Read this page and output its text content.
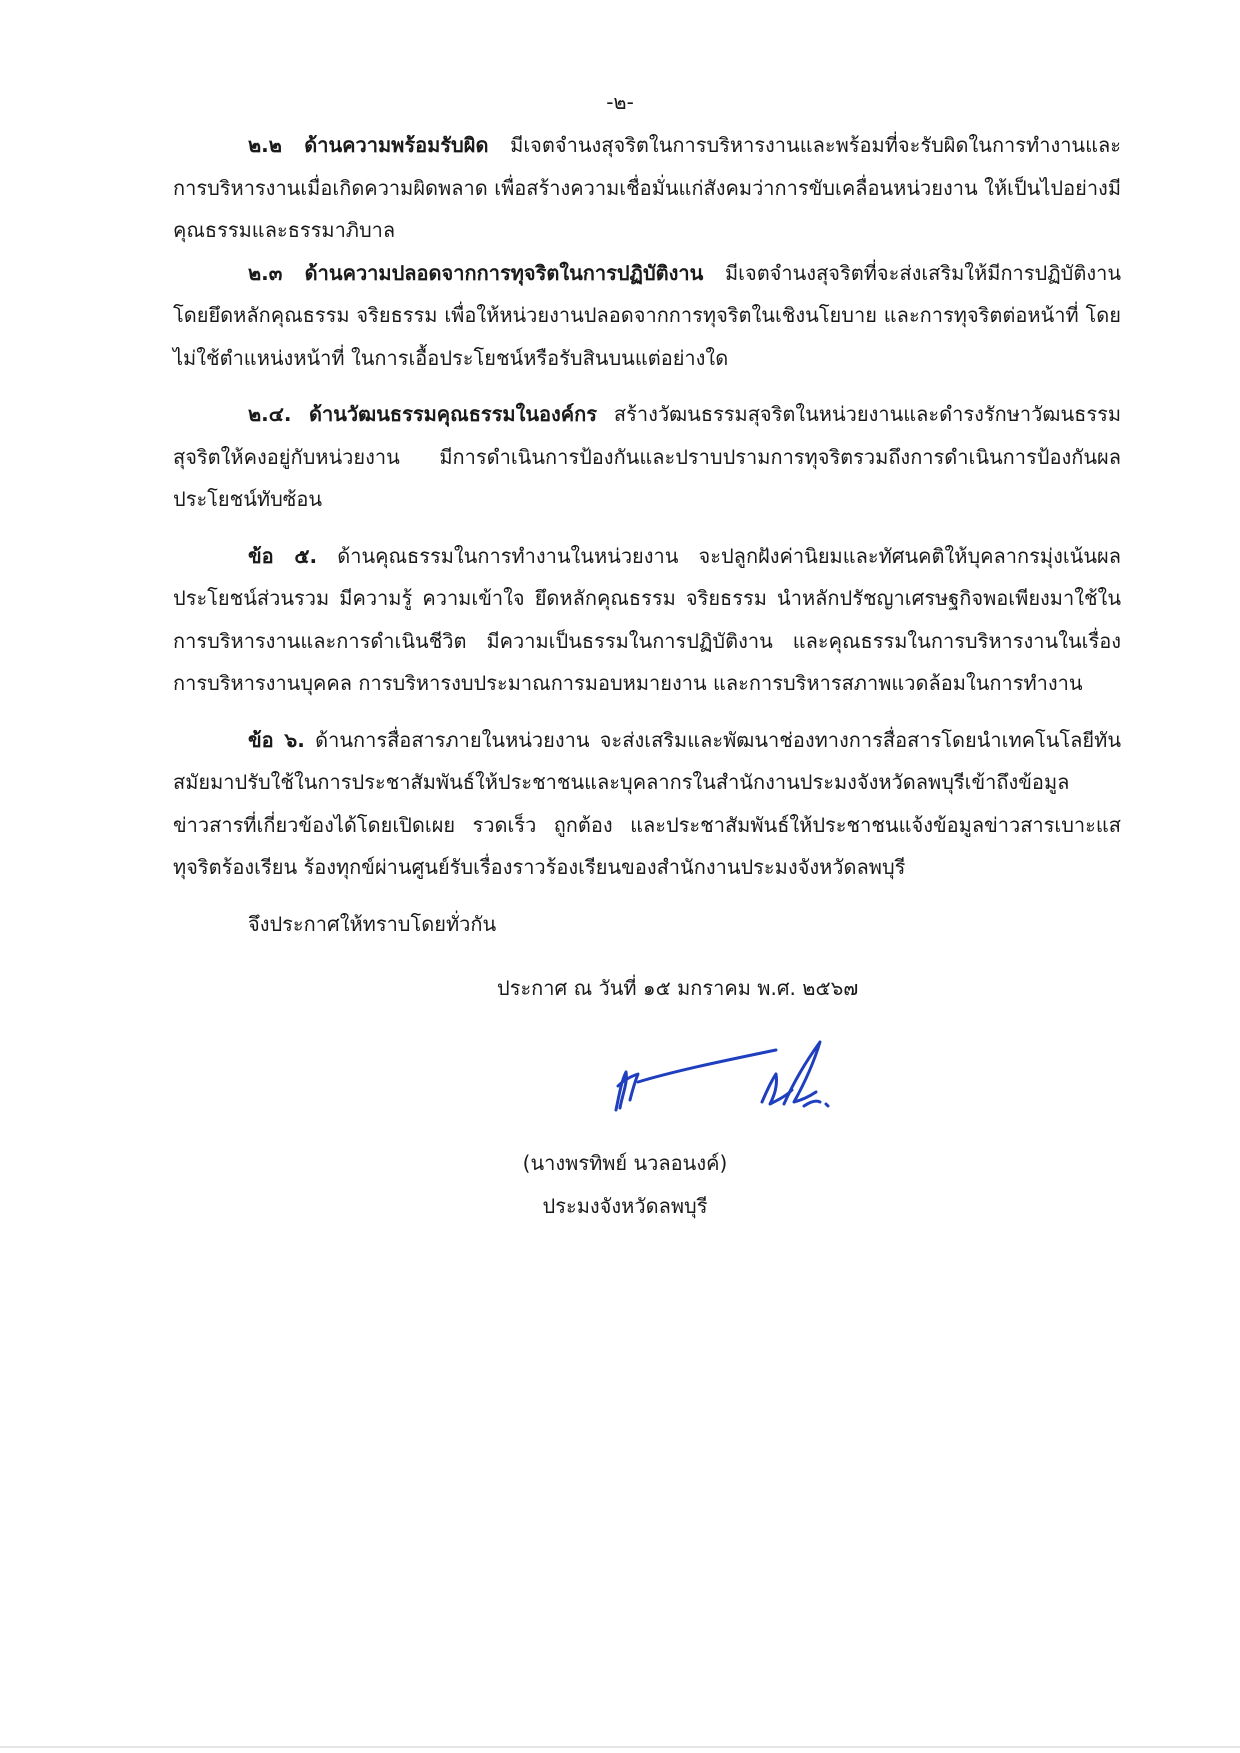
-๒-

๒.๒ ด้านความพร้อมรับผิด มีเจตจำนงสุจริตในการบริหารงานและพร้อมที่จะรับผิดในการทำงานและการบริหารงานเมื่อเกิดความผิดพลาด เพื่อสร้างความเชื่อมั่นแก่สังคมว่าการขับเคลื่อนหน่วยงาน ให้เป็นไปอย่างมีคุณธรรมและธรรมาภิบาล

๒.๓ ด้านความปลอดจากการทุจริตในการปฏิบัติงาน มีเจตจำนงสุจริตที่จะส่งเสริมให้มีการปฏิบัติงานโดยยึดหลักคุณธรรม จริยธรรม เพื่อให้หน่วยงานปลอดจากการทุจริตในเชิงนโยบาย และการทุจริตต่อหน้าที่ โดยไม่ใช้ตำแหน่งหน้าที่ ในการเอื้อประโยชน์หรือรับสินบนแต่อย่างใด

๒.๔. ด้านวัฒนธรรมคุณธรรมในองค์กร สร้างวัฒนธรรมสุจริตในหน่วยงานและดำรงรักษาวัฒนธรรมสุจริตให้คงอยู่กับหน่วยงาน มีการดำเนินการป้องกันและปราบปรามการทุจริตรวมถึงการดำเนินการป้องกันผลประโยชน์ทับซ้อน

ข้อ ๕. ด้านคุณธรรมในการทำงานในหน่วยงาน จะปลูกฝังค่านิยมและทัศนคติให้บุคลากรมุ่งเน้นผลประโยชน์ส่วนรวม มีความรู้ ความเข้าใจ ยึดหลักคุณธรรม จริยธรรม นำหลักปรัชญาเศรษฐกิจพอเพียงมาใช้ในการบริหารงานและการดำเนินชีวิต มีความเป็นธรรมในการปฏิบัติงาน และคุณธรรมในการบริหารงานในเรื่องการบริหารงานบุคคล การบริหารงบประมาณการมอบหมายงาน และการบริหารสภาพแวดล้อมในการทำงาน

ข้อ ๖. ด้านการสื่อสารภายในหน่วยงาน จะส่งเสริมและพัฒนาช่องทางการสื่อสารโดยนำเทคโนโลยีทันสมัยมาปรับใช้ในการประชาสัมพันธ์ให้ประชาชนและบุคลากรในสำนักงานประมงจังหวัดลพบุรีเข้าถึงข้อมูลข่าวสารที่เกี่ยวข้องได้โดยเปิดเผย รวดเร็ว ถูกต้อง และประชาสัมพันธ์ให้ประชาชนแจ้งข้อมูลข่าวสารเบาะแสทุจริตร้องเรียน ร้องทุกข์ผ่านศูนย์รับเรื่องราวร้องเรียนของสำนักงานประมงจังหวัดลพบุรี

จึงประกาศให้ทราบโดยทั่วกัน

ประกาศ ณ วันที่ ๑๕ มกราคม พ.ศ. ๒๕๖๗
(นางพรทิพย์ นวลอนงค์)
ประมงจังหวัดลพบุรี
